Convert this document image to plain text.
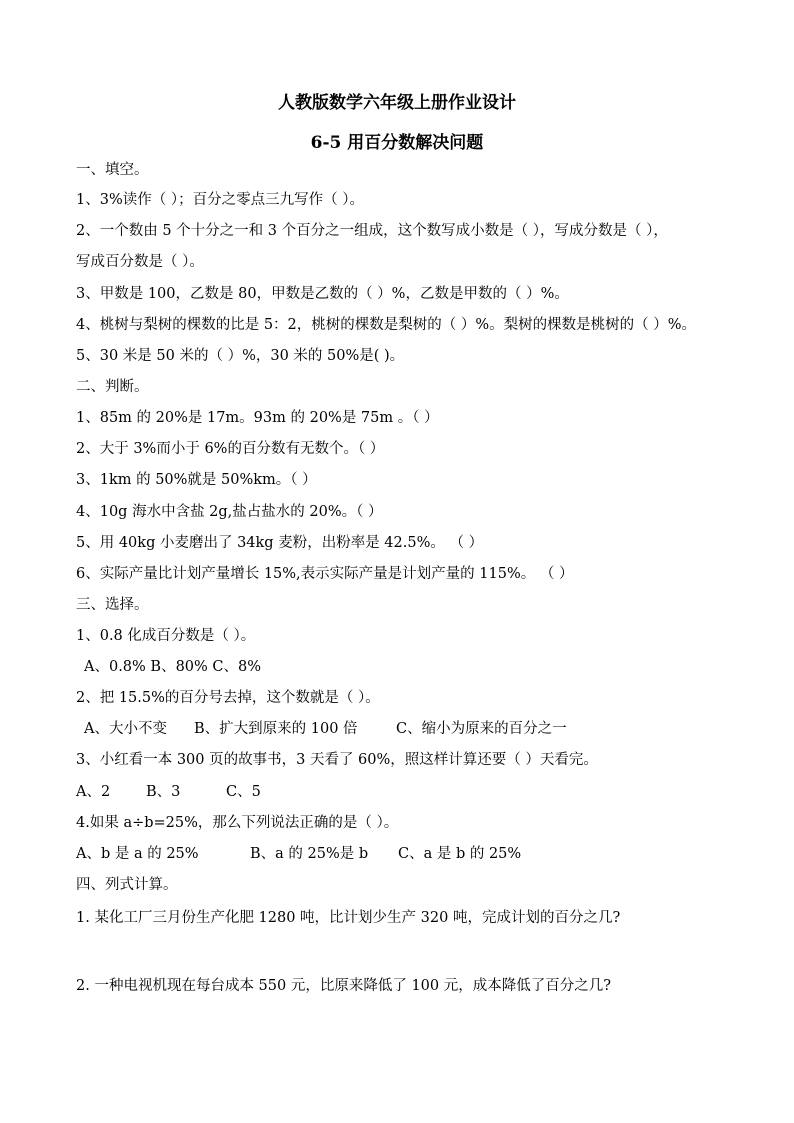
人教版数学六年级上册作业设计
6-5 用百分数解决问题
一、填空。
1、3%读作（ ）；百分之零点三九写作（ ）。
2、一个数由 5 个十分之一和 3 个百分之一组成，这个数写成小数是（ ），写成分数是（ ），
写成百分数是（ ）。
3、甲数是 100，乙数是 80，甲数是乙数的（ ）%，乙数是甲数的（ ）%。
4、桃树与梨树的棵数的比是 5：2，桃树的棵数是梨树的（ ）%。梨树的棵数是桃树的（ ）%。
5、30 米是 50 米的（ ）%，30 米的 50%是( )。
二、判断。
1、85m 的 20%是 17m。93m 的 20%是 75m 。（ ）
2、大于 3%而小于 6%的百分数有无数个。（ ）
3、1km 的 50%就是 50%km。（ ）
4、10g 海水中含盐 2g,盐占盐水的 20%。（ ）
5、用 40kg 小麦磨出了 34kg 麦粉，出粉率是 42.5%。 （ ）
6、实际产量比计划产量增长 15%,表示实际产量是计划产量的 115%。 （ ）
三、选择。
1、0.8 化成百分数是（ ）。
A、0.8% B、80% C、8%
2、把 15.5%的百分号去掉，这个数就是（ ）。
A、大小不变 B、扩大到原来的 100 倍	C、缩小为原来的百分之一
3、小红看一本 300 页的故事书，3 天看了 60%，照这样计算还要（ ）天看完。
A、2 B、3	C、5
4.如果 a÷b=25%，那么下列说法正确的是（ ）。
A、b 是 a 的 25%	B、a 的 25%是 b C、a 是 b 的 25%
四、列式计算。
1. 某化工厂三月份生产化肥 1280 吨，比计划少生产 320 吨，完成计划的百分之几?
2. 一种电视机现在每台成本 550 元，比原来降低了 100 元，成本降低了百分之几?
